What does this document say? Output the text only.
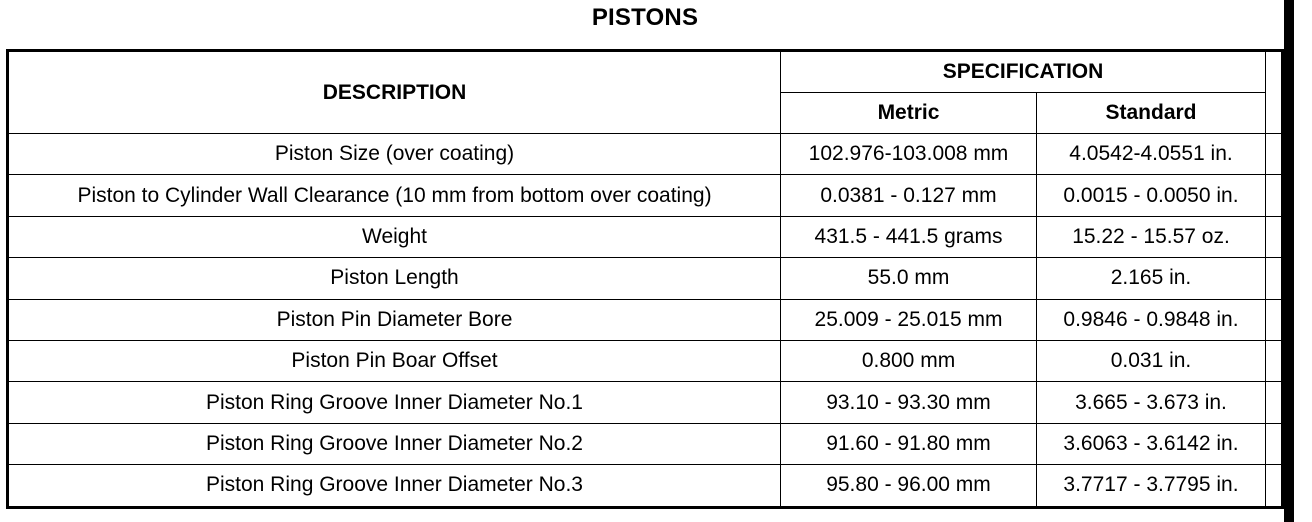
PISTONS
DESCRIPTION	SPECIFICATION		
	Metric	Standard	
Piston Size (over coating)	102.976-103.008 mm	4.0542-4.0551 in.	
Piston to Cylinder Wall Clearance (10 mm from bottom over coating)	0.0381 - 0.127 mm	0.0015 - 0.0050 in.	
Weight	431.5 - 441.5 grams	15.22 - 15.57 oz.	
Piston Length	55.0 mm	2.165 in.	
Piston Pin Diameter Bore	25.009 - 25.015 mm	0.9846 - 0.9848 in.	
Piston Pin Boar Offset	0.800 mm	0.031 in.	
Piston Ring Groove Inner Diameter No.1	93.10 - 93.30 mm	3.665 - 3.673 in.	
Piston Ring Groove Inner Diameter No.2	91.60 - 91.80 mm	3.6063 - 3.6142 in.	
Piston Ring Groove Inner Diameter No.3	95.80 - 96.00 mm	3.7717 - 3.7795 in.	
